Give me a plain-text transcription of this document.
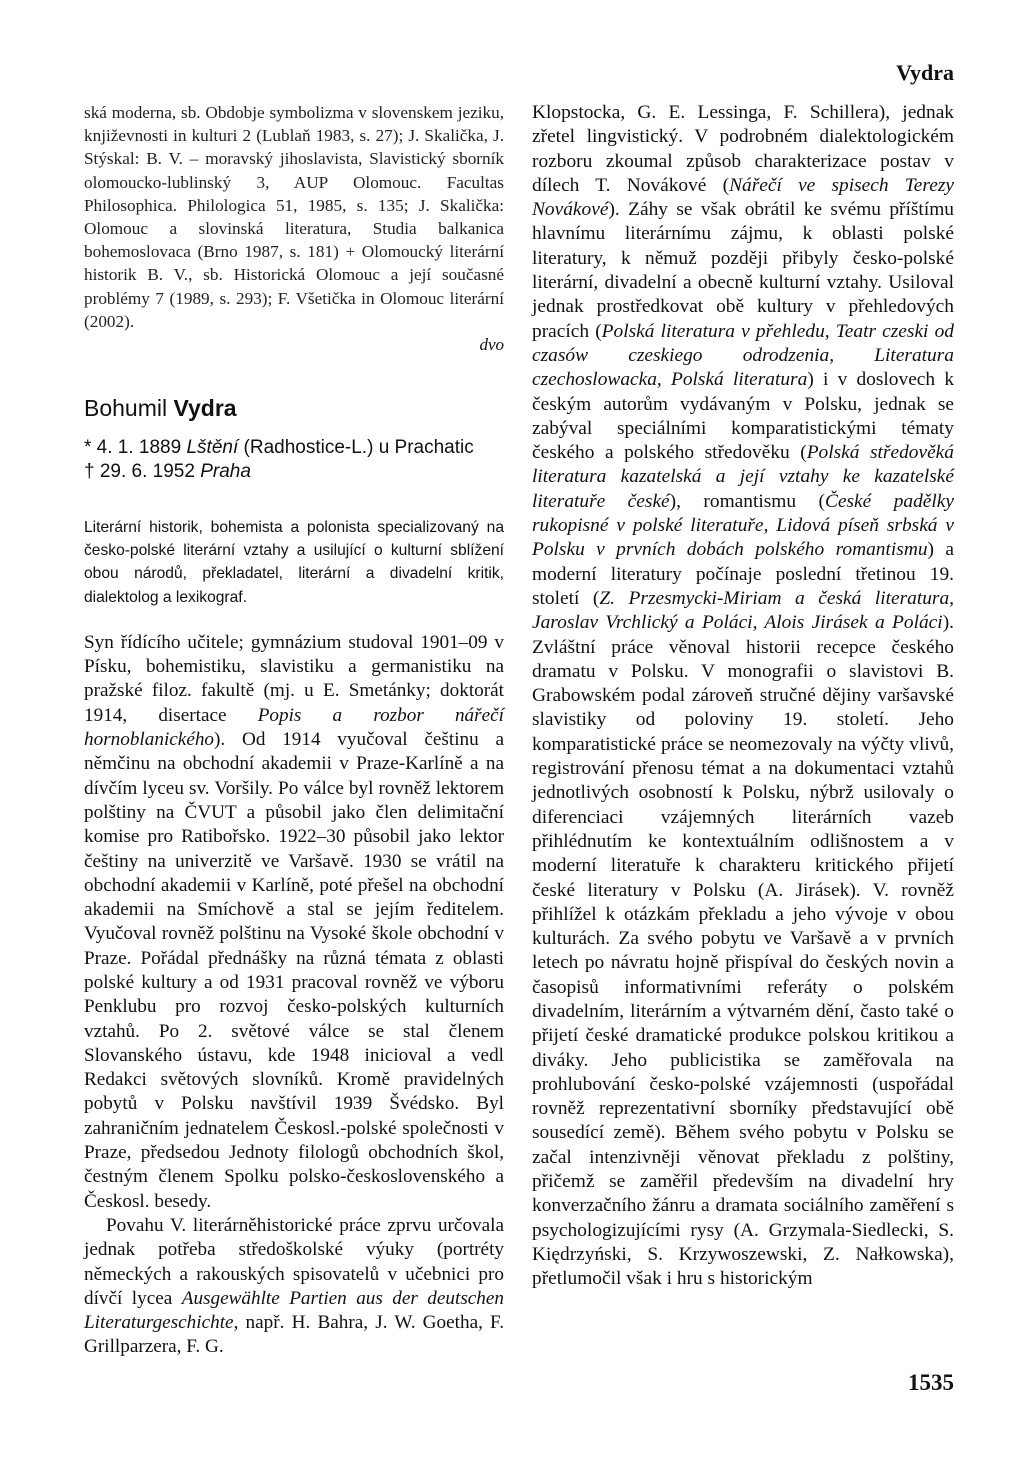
Vydra

ská moderna, sb. Obdobje symbolizma v slovenskem jeziku, književnosti in kulturi 2 (Lublaň 1983, s. 27); J. Skalička, J. Stýskal: B. V. – moravský jihoslavista, Slavistický sborník olomoucko-lublinský 3, AUP Olomouc. Facultas Philosophica. Philologica 51, 1985, s. 135; J. Skalička: Olomouc a slovinská literatura, Studia balkanica bohemoslovaca (Brno 1987, s. 181) + Olomoucký literární historik B. V., sb. Historická Olomouc a její současné problémy 7 (1989, s. 293); F. Všetička in Olomouc literární (2002).

dvo
Bohumil Vydra
* 4. 1. 1889 Lštění (Radhostice-L.) u Prachatic
† 29. 6. 1952 Praha
Literární historik, bohemista a polonista specializovaný na česko-polské literární vztahy a usilující o kulturní sblížení obou národů, překladatel, literární a divadelní kritik, dialektolog a lexikograf.

Syn řídícího učitele; gymnázium studoval 1901–09 v Písku, bohemistiku, slavistiku a germanistiku na pražské filoz. fakultě (mj. u E. Smetánky; doktorát 1914, disertace Popis a rozbor nářečí hornoblanického). Od 1914 vyučoval češtinu a němčinu na obchodní akademii v Praze-Karlíně a na dívčím lyceu sv. Voršily. Po válce byl rovněž lektorem polštiny na ČVUT a působil jako člen delimitační komise pro Ratibořsko. 1922–30 působil jako lektor češtiny na univerzitě ve Varšavě. 1930 se vrátil na obchodní akademii v Karlíně, poté přešel na obchodní akademii na Smíchově a stal se jejím ředitelem. Vyučoval rovněž polštinu na Vysoké škole obchodní v Praze. Pořádal přednášky na různá témata z oblasti polské kultury a od 1931 pracoval rovněž ve výboru Penklubu pro rozvoj česko-polských kulturních vztahů. Po 2. světové válce se stal členem Slovanského ústavu, kde 1948 inicioval a vedl Redakci světových slovníků. Kromě pravidelných pobytů v Polsku navštívil 1939 Švédsko. Byl zahraničním jednatelem Českosl.-polské společnosti v Praze, předsedou Jednoty filologů obchodních škol, čestným členem Spolku polsko-československého a Českosl. besedy.

Povahu V. literárněhistorické práce zprvu určovala jednak potřeba středoškolské výuky (portréty německých a rakouských spisovatelů v učebnici pro dívčí lycea Ausgewählte Partien aus der deutschen Literaturgeschichte, např. H. Bahra, J. W. Goetha, F. Grillparzera, F. G.

Klopstocka, G. E. Lessinga, F. Schillera), jednak zřetel lingvistický. V podrobném dialektologickém rozboru zkoumal způsob charakterizace postav v dílech T. Novákové (Nářečí ve spisech Terezy Novákové). Záhy se však obrátil ke svému příštímu hlavnímu literárnímu zájmu, k oblasti polské literatury, k němuž později přibyly česko-polské literární, divadelní a obecně kulturní vztahy. Usiloval jednak prostředkovat obě kultury v přehledových pracích (Polská literatura v přehledu, Teatr czeski od czasów czeskiego odrodzenia, Literatura czechoslowacka, Polská literatura) i v doslovech k českým autorům vydávaným v Polsku, jednak se zabýval speciálními komparatistickými tématy českého a polského středověku (Polská středověká literatura kazatelská a její vztahy ke kazatelské literatuře české), romantismu (České padělky rukopisné v polské literatuře, Lidová píseň srbská v Polsku v prvních dobách polského romantismu) a moderní literatury počínaje poslední třetinou 19. století (Z. Przesmycki-Miriam a česká literatura, Jaroslav Vrchlický a Poláci, Alois Jirásek a Poláci). Zvláštní práce věnoval historii recepce českého dramatu v Polsku. V monografii o slavistovi B. Grabowském podal zároveň stručné dějiny varšavské slavistiky od poloviny 19. století. Jeho komparatistické práce se neomezovaly na výčty vlivů, registrování přenosu témat a na dokumentaci vztahů jednotlivých osobností k Polsku, nýbrž usilovaly o diferenciaci vzájemných literárních vazeb přihlédnutím ke kontextuálním odlišnostem a v moderní literatuře k charakteru kritického přijetí české literatury v Polsku (A. Jirásek). V. rovněž přihlížel k otázkám překladu a jeho vývoje v obou kulturách. Za svého pobytu ve Varšavě a v prvních letech po návratu hojně přispíval do českých novin a časopisů informativními referáty o polském divadelním, literárním a výtvarném dění, často také o přijetí české dramatické produkce polskou kritikou a diváky. Jeho publicistika se zaměřovala na prohlubování česko-polské vzájemnosti (uspořádal rovněž reprezentativní sborníky představující obě sousedící země). Během svého pobytu v Polsku se začal intenzivněji věnovat překladu z polštiny, přičemž se zaměřil především na divadelní hry konverzačního žánru a dramata sociálního zaměření s psychologizujícími rysy (A. Grzymala-Siedlecki, S. Kiędrzyński, S. Krzywoszewski, Z. Nałkowska), přetlumočil však i hru s historickým

1535
